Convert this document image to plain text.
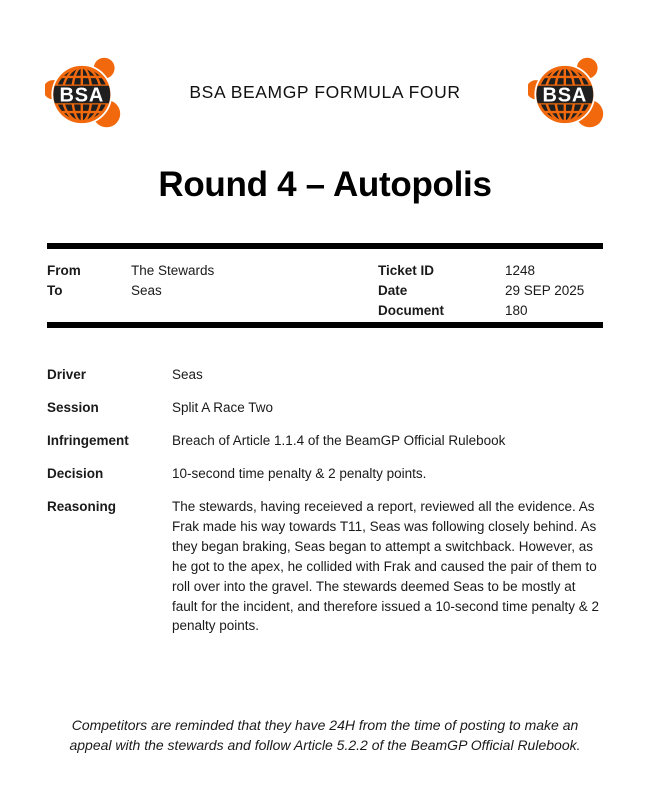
BSA	BSA
BSA BEAMGP FORMULA FOUR
Round 4 – Autopolis
From	The Stewards
To	Seas
Ticket ID	1248
Date	29 SEP 2025
Document	180
Driver	Seas
Session	Split A Race Two
Infringement	Breach of Article 1.1.4 of the BeamGP Official Rulebook
Decision	10-second time penalty & 2 penalty points.
Reasoning	The stewards, having receieved a report, reviewed all the evidence. As Frak made his way towards T11, Seas was following closely behind. As they began braking, Seas began to attempt a switchback. However, as he got to the apex, he collided with Frak and caused the pair of them to roll over into the gravel. The stewards deemed Seas to be mostly at fault for the incident, and therefore issued a 10-second time penalty & 2 penalty points.

Competitors are reminded that they have 24H from the time of posting to make an appeal with the stewards and follow Article 5.2.2 of the BeamGP Official Rulebook.
